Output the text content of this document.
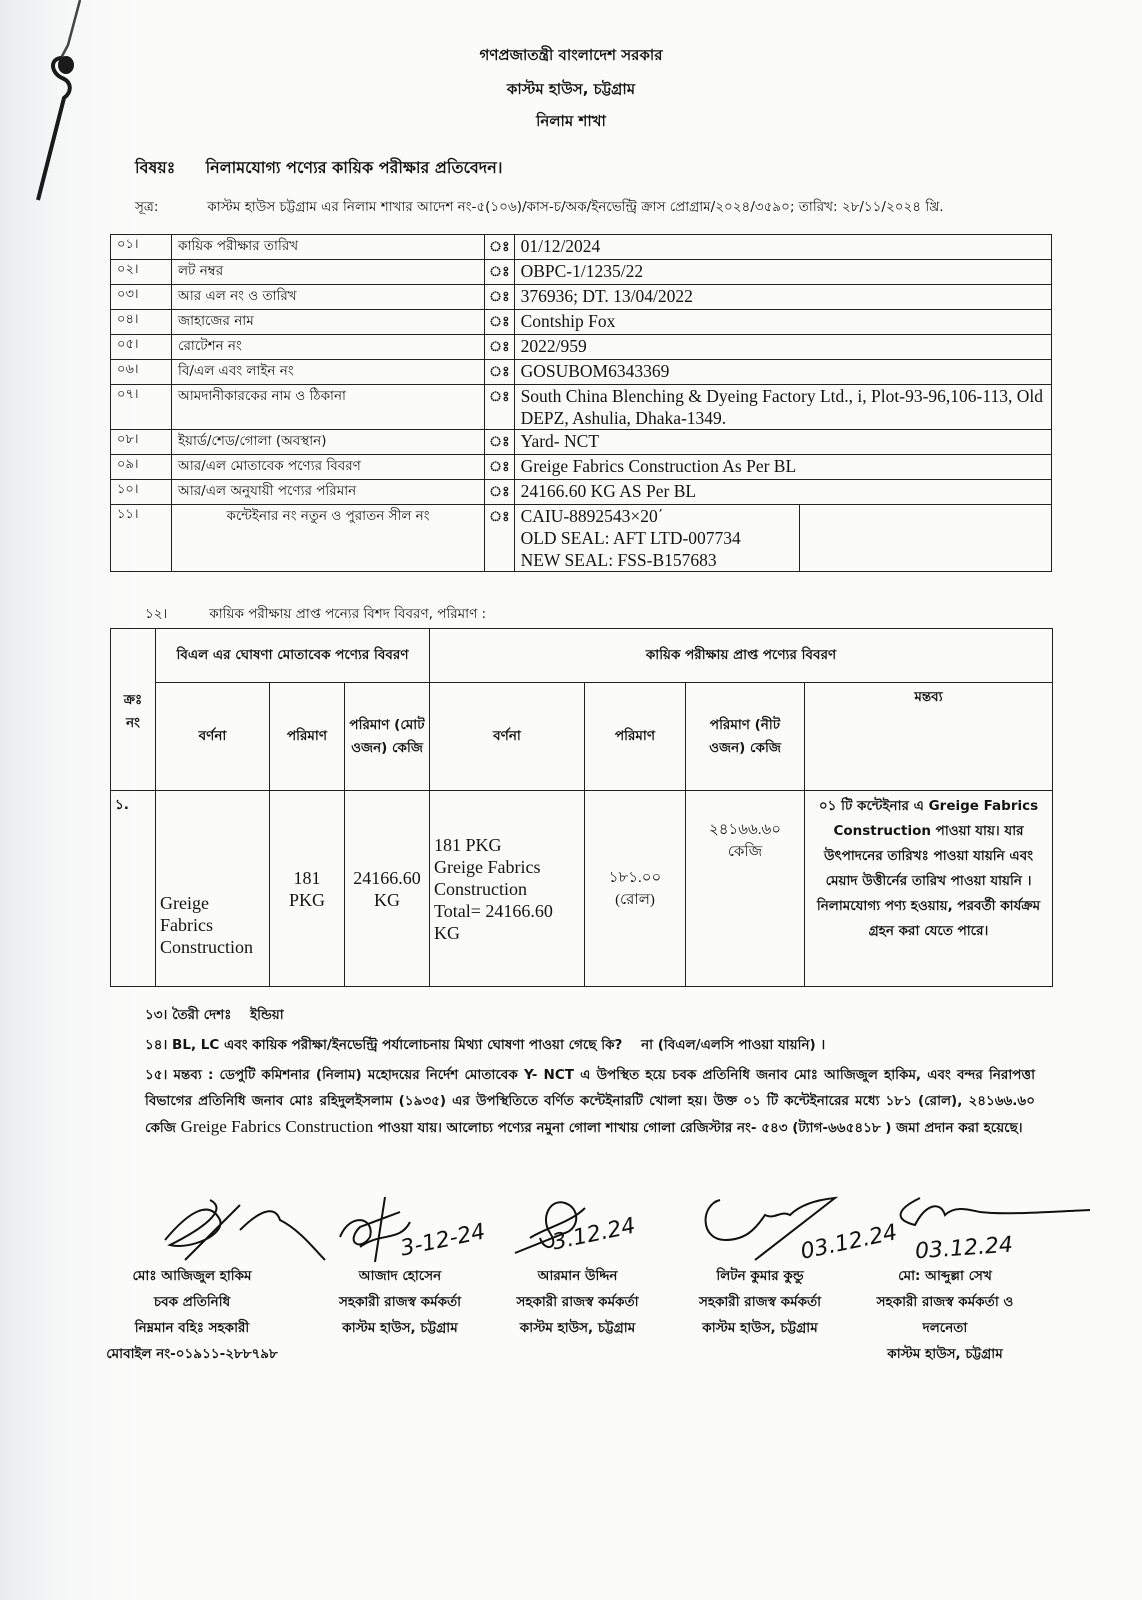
গণপ্রজাতন্ত্রী বাংলাদেশ সরকার
কাস্টম হাউস, চট্টগ্রাম
নিলাম শাখা
বিষয়ঃ নিলামযোগ্য পণ্যের কায়িক পরীক্ষার প্রতিবেদন।
সূত্র:	কাস্টম হাউস চট্টগ্রাম এর নিলাম শাখার আদেশ নং-৫(১০৬)/কাস-চ/অক/ইনভেন্ট্রি ক্রাস প্রোগ্রাম/২০২৪/৩৫৯০; তারিখ: ২৮/১১/২০২৪ খ্রি.
০১।	কায়িক পরীক্ষার তারিখ	ঃ	01/12/2024
০২।	লট নম্বর	ঃ	OBPC-1/1235/22
০৩।	আর এল নং ও তারিখ	ঃ	376936; DT. 13/04/2022
০৪।	জাহাজের নাম	ঃ	Contship Fox
০৫।	রোটেশন নং	ঃ	2022/959
০৬।	বি/এল এবং লাইন নং	ঃ	GOSUBOM6343369
০৭।	আমদানীকারকের নাম ও ঠিকানা	ঃ	South China Blenching & Dyeing Factory Ltd., i, Plot-93-96,106-113, Old DEPZ, Ashulia, Dhaka-1349.
০৮।	ইয়ার্ড/শেড/গোলা (অবস্থান)	ঃ	Yard- NCT
০৯।	আর/এল মোতাবেক পণ্যের বিবরণ	ঃ	Greige Fabrics Construction As Per BL
১০।	আর/এল অনুযায়ী পণ্যের পরিমান	ঃ	24166.60 KG AS Per BL
১১।	কন্টেইনার নং নতুন ও পুরাতন সীল নং	ঃ	CAIU-8892543×20΄
OLD SEAL: AFT LTD-007734
NEW SEAL: FSS-B157683
১২।	কায়িক পরীক্ষায় প্রাপ্ত পন্যের বিশদ বিবরণ, পরিমাণ :
ক্রঃ নং	বিএল এর ঘোষণা মোতাবেক পণ্যের বিবরণ			কায়িক পরীক্ষায় প্রাপ্ত পণ্যের বিবরণ			
	বর্ণনা	পরিমাণ	পরিমাণ (মোট ওজন) কেজি	বর্ণনা	পরিমাণ	পরিমাণ (নীট ওজন) কেজি	মন্তব্য
১.	Greige Fabrics Construction	181 PKG	24166.60 KG	181 PKG
Greige Fabrics Construction
Total= 24166.60 KG	১৮১.০০ (রোল)	২৪১৬৬.৬০ কেজি	০১ টি কন্টেইনার এ Greige Fabrics Construction পাওয়া যায়। যার উৎপাদনের তারিখঃ পাওয়া যায়নি এবং মেয়াদ উত্তীর্নের তারিখ পাওয়া যায়নি । নিলামযোগ্য পণ্য হওয়ায়, পরবর্তী কার্যক্রম গ্রহন করা যেতে পারে।
১৩। তৈরী দেশঃ ইন্ডিয়া
১৪। BL, LC এবং কায়িক পরীক্ষা/ইনভেন্ট্রি পর্যালোচনায় মিথ্যা ঘোষণা পাওয়া গেছে কি? না (বিএল/এলসি পাওয়া যায়নি) ।
১৫। মন্তব্য : ডেপুটি কমিশনার (নিলাম) মহোদয়ের নির্দেশ মোতাবেক Y- NCT এ উপস্থিত হয়ে চবক প্রতিনিধি জনাব মোঃ আজিজুল হাকিম, এবং বন্দর নিরাপত্তা বিভাগের প্রতিনিধি জনাব মোঃ রহিদুলইসলাম (১৯৩৫) এর উপস্থিতিতে বর্ণিত কন্টেইনারটি খোলা হয়। উক্ত ০১ টি কন্টেইনারের মধ্যে ১৮১ (রোল), ২৪১৬৬.৬০ কেজি Greige Fabrics Construction পাওয়া যায়। আলোচ্য পণ্যের নমুনা গোলা শাখায় গোলা রেজিস্টার নং- ৫৪৩ (ট্যাগ-৬৬৫৪১৮ ) জমা প্রদান করা হয়েছে।
3-12-24	3.12.24	03.12.24 03.12.24
মোঃ আজিজুল হাকিম
চবক প্রতিনিধি
নিম্নমান বহিঃ সহকারী
মোবাইল নং-০১৯১১-২৮৮৭৯৮
আজাদ হোসেন
সহকারী রাজস্ব কর্মকর্তা
কাস্টম হাউস, চট্টগ্রাম
আরমান উদ্দিন
সহকারী রাজস্ব কর্মকর্তা
কাস্টম হাউস, চট্টগ্রাম
লিটন কুমার কুন্ডু
সহকারী রাজস্ব কর্মকর্তা
কাস্টম হাউস, চট্টগ্রাম
মো: আব্দুল্লা সেখ
সহকারী রাজস্ব কর্মকর্তা ও
দলনেতা
কাস্টম হাউস, চট্টগ্রাম
